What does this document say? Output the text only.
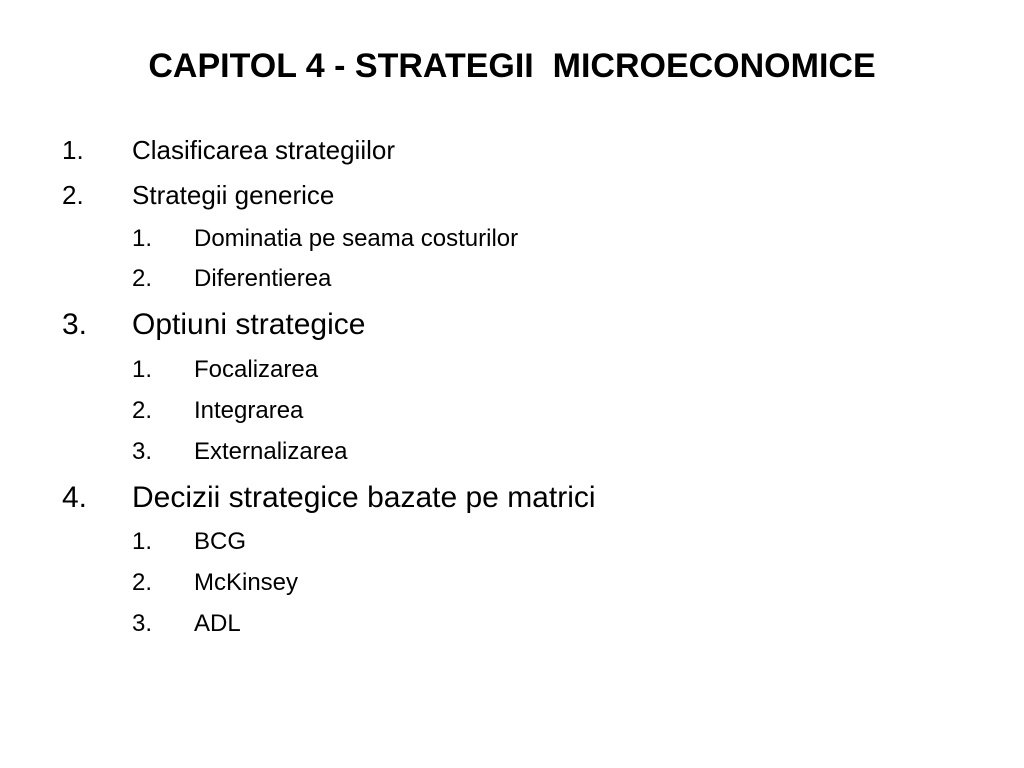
CAPITOL 4 - STRATEGII  MICROECONOMICE
1. Clasificarea strategiilor
2. Strategii generice
1. Dominatia pe seama costurilor
2. Diferentierea
3. Optiuni strategice
1. Focalizarea
2. Integrarea
3. Externalizarea
4. Decizii strategice bazate pe matrici
1. BCG
2. McKinsey
3. ADL
